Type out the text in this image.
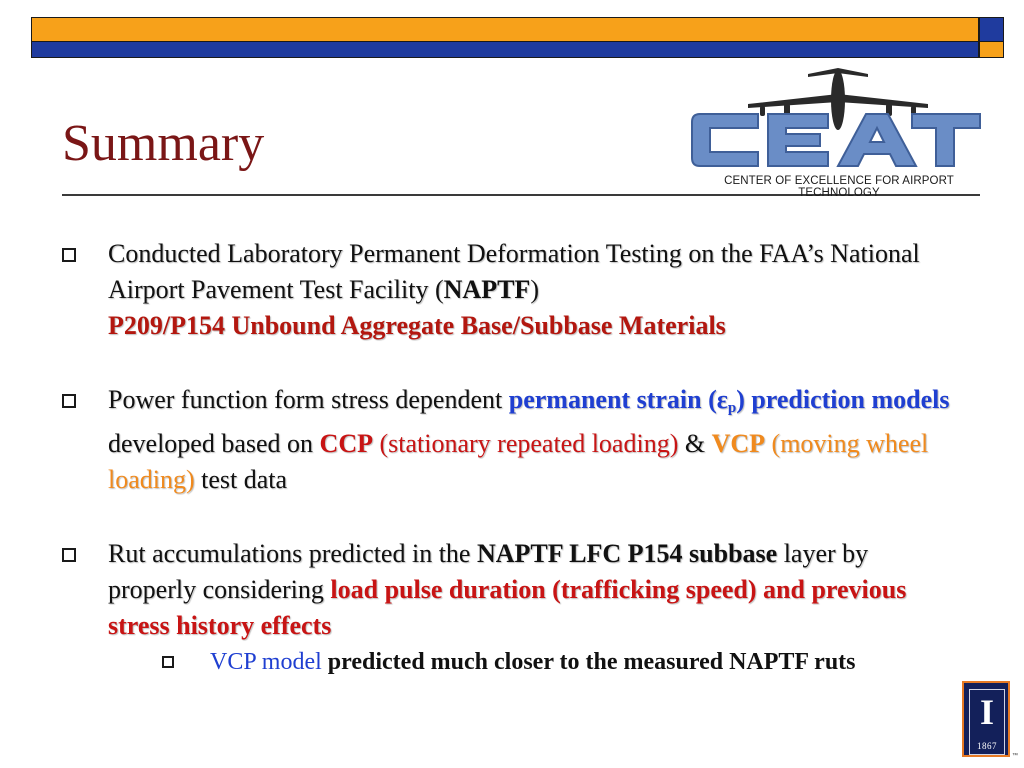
Summary
CENTER OF EXCELLENCE FOR AIRPORT TECHNOLOGY
Conducted Laboratory Permanent Deformation Testing on the FAA’s National Airport Pavement Test Facility (NAPTF)
P209/P154 Unbound Aggregate Base/Subbase Materials
Power function form stress dependent permanent strain $(\varepsilon_p)$ prediction models developed based on CCP (stationary repeated loading) & VCP (moving wheel loading) test data
Rut accumulations predicted in the NAPTF LFC P154 subbase layer by properly considering load pulse duration (trafficking speed) and previous stress history effects
VCP model predicted much closer to the measured NAPTF ruts
I
1867
™
